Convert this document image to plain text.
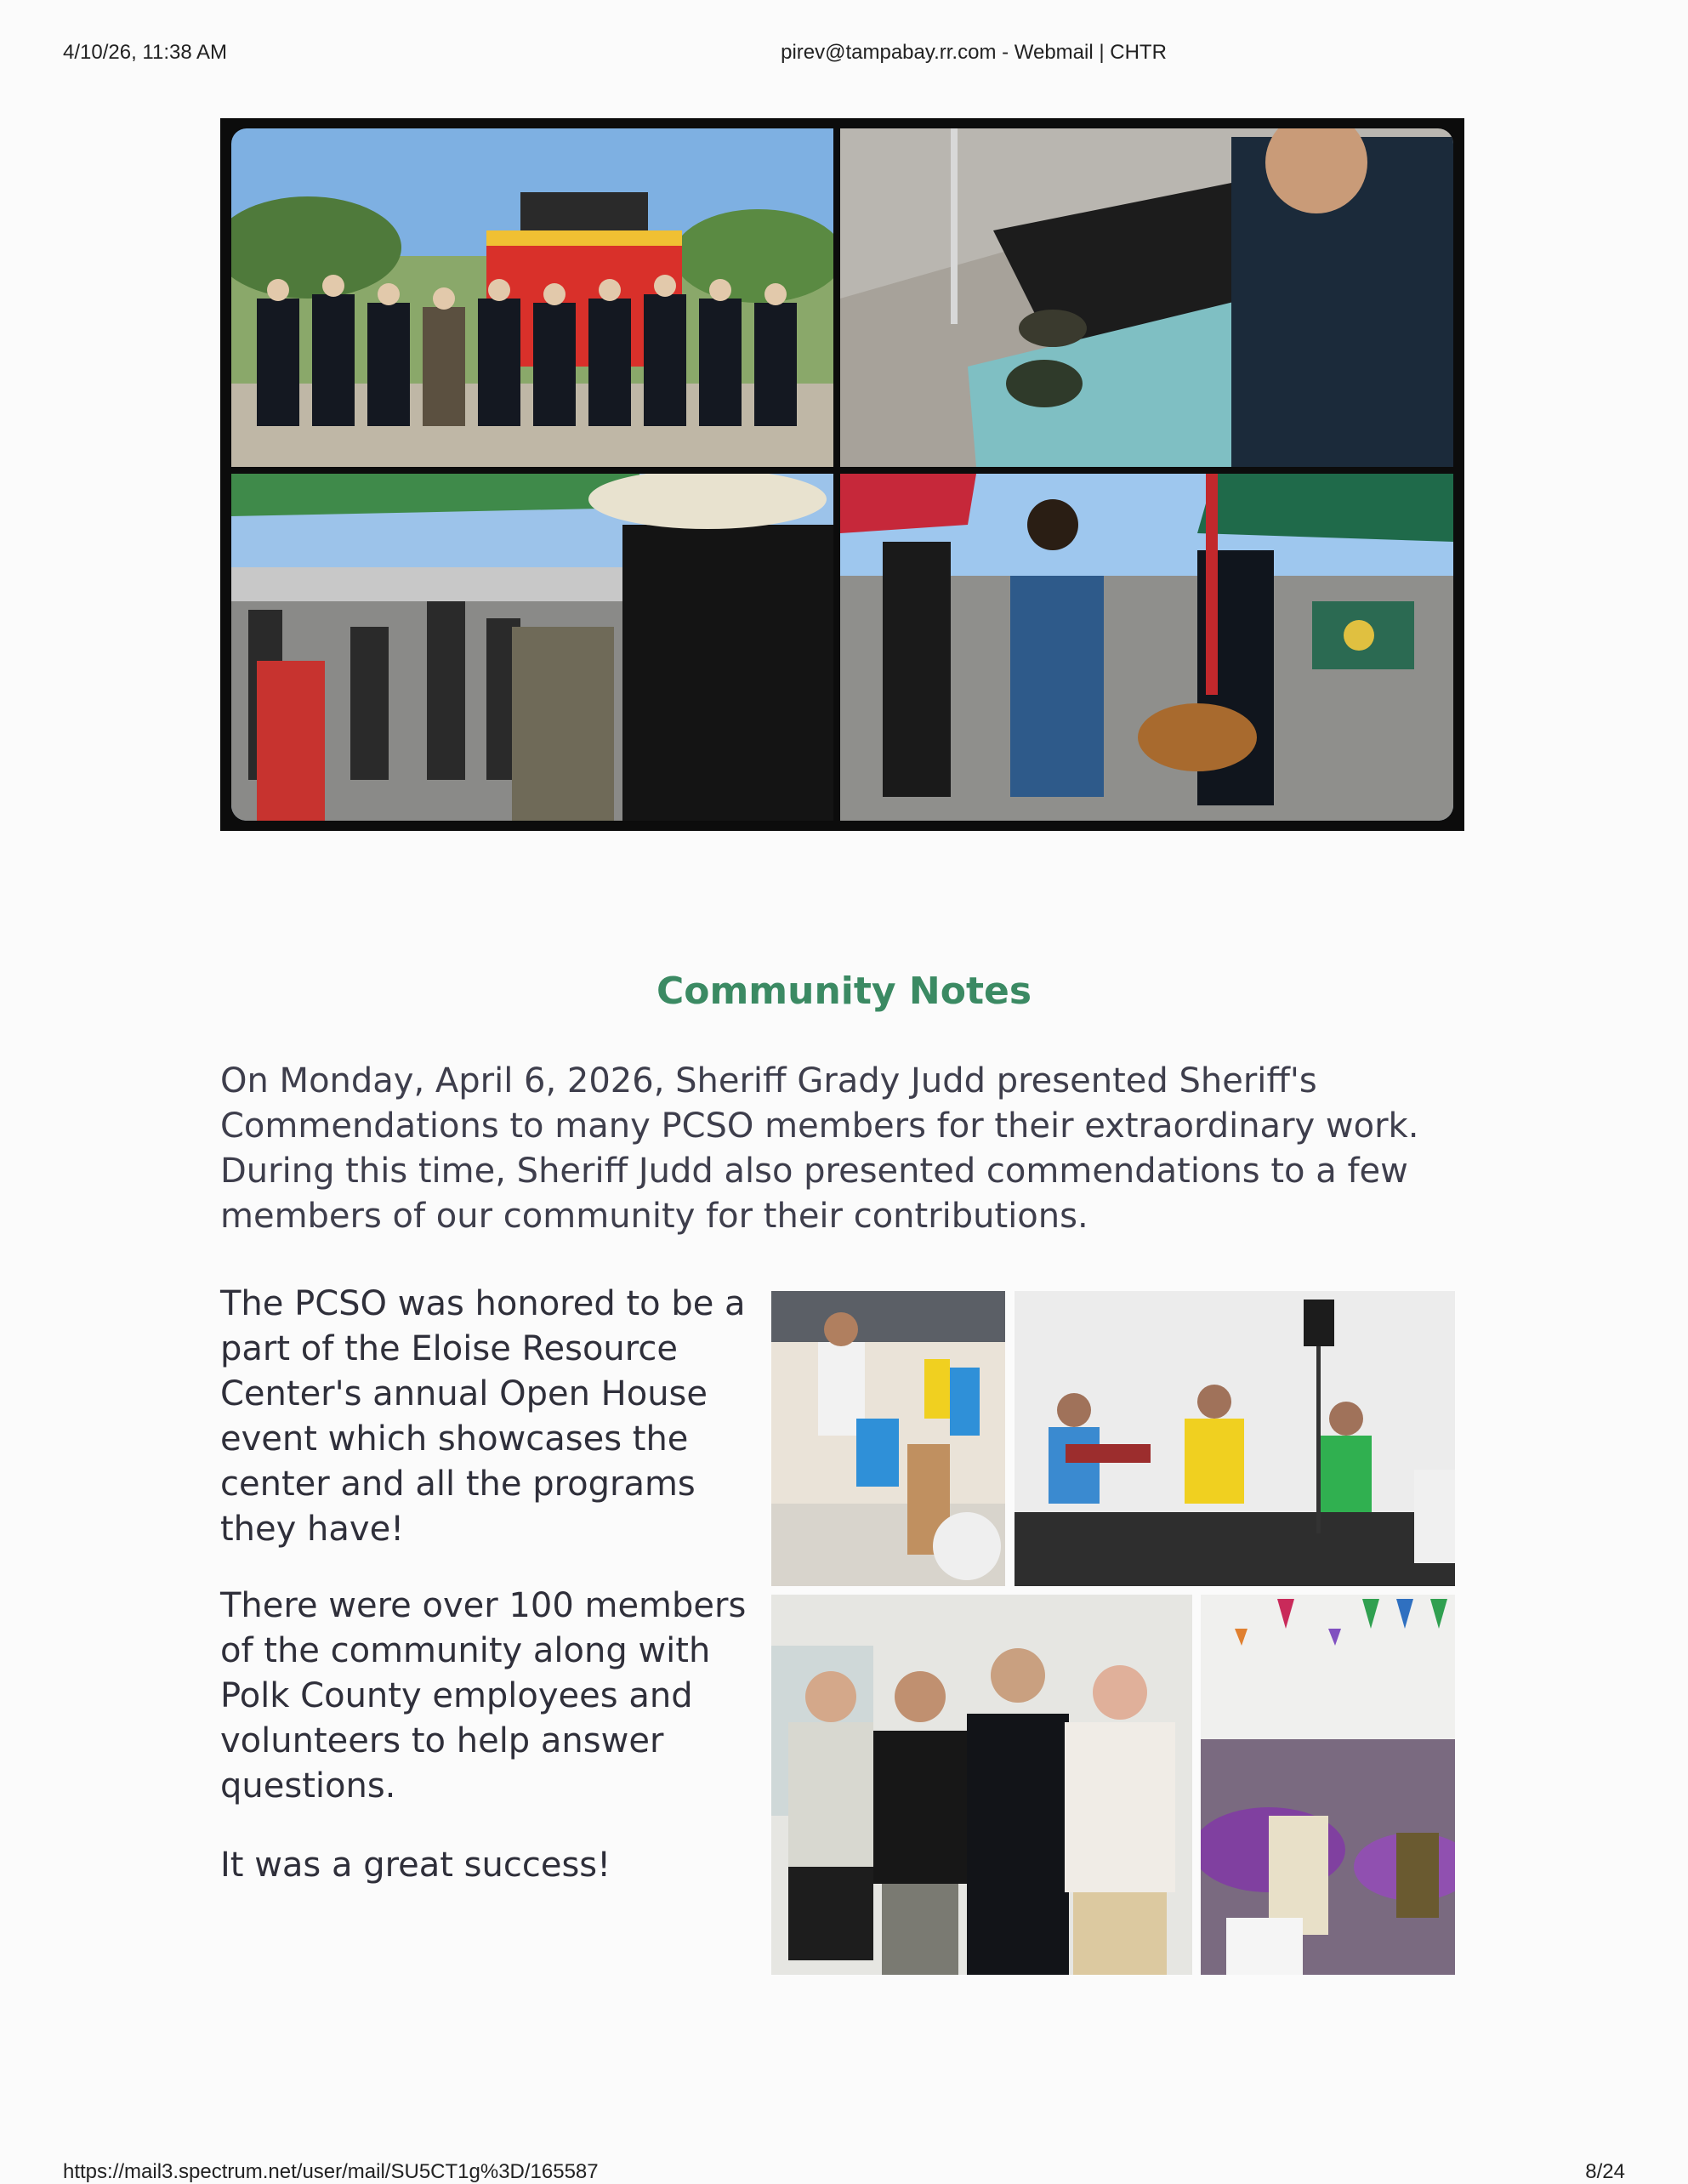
4/10/26, 11:38 AM	pirev@tampabay.rr.com - Webmail | CHTR
Community Notes

On Monday, April 6, 2026, Sheriff Grady Judd presented Sheriff's Commendations to many PCSO members for their extraordinary work. During this time, Sheriff Judd also presented commendations to a few members of our community for their contributions.

The PCSO was honored to be a part of the Eloise Resource Center's annual Open House event which showcases the center and all the programs they have!

There were over 100 members of the community along with Polk County employees and volunteers to help answer questions.

It was a great success!

https://mail3.spectrum.net/user/mail/SU5CT1g%3D/165587	8/24
